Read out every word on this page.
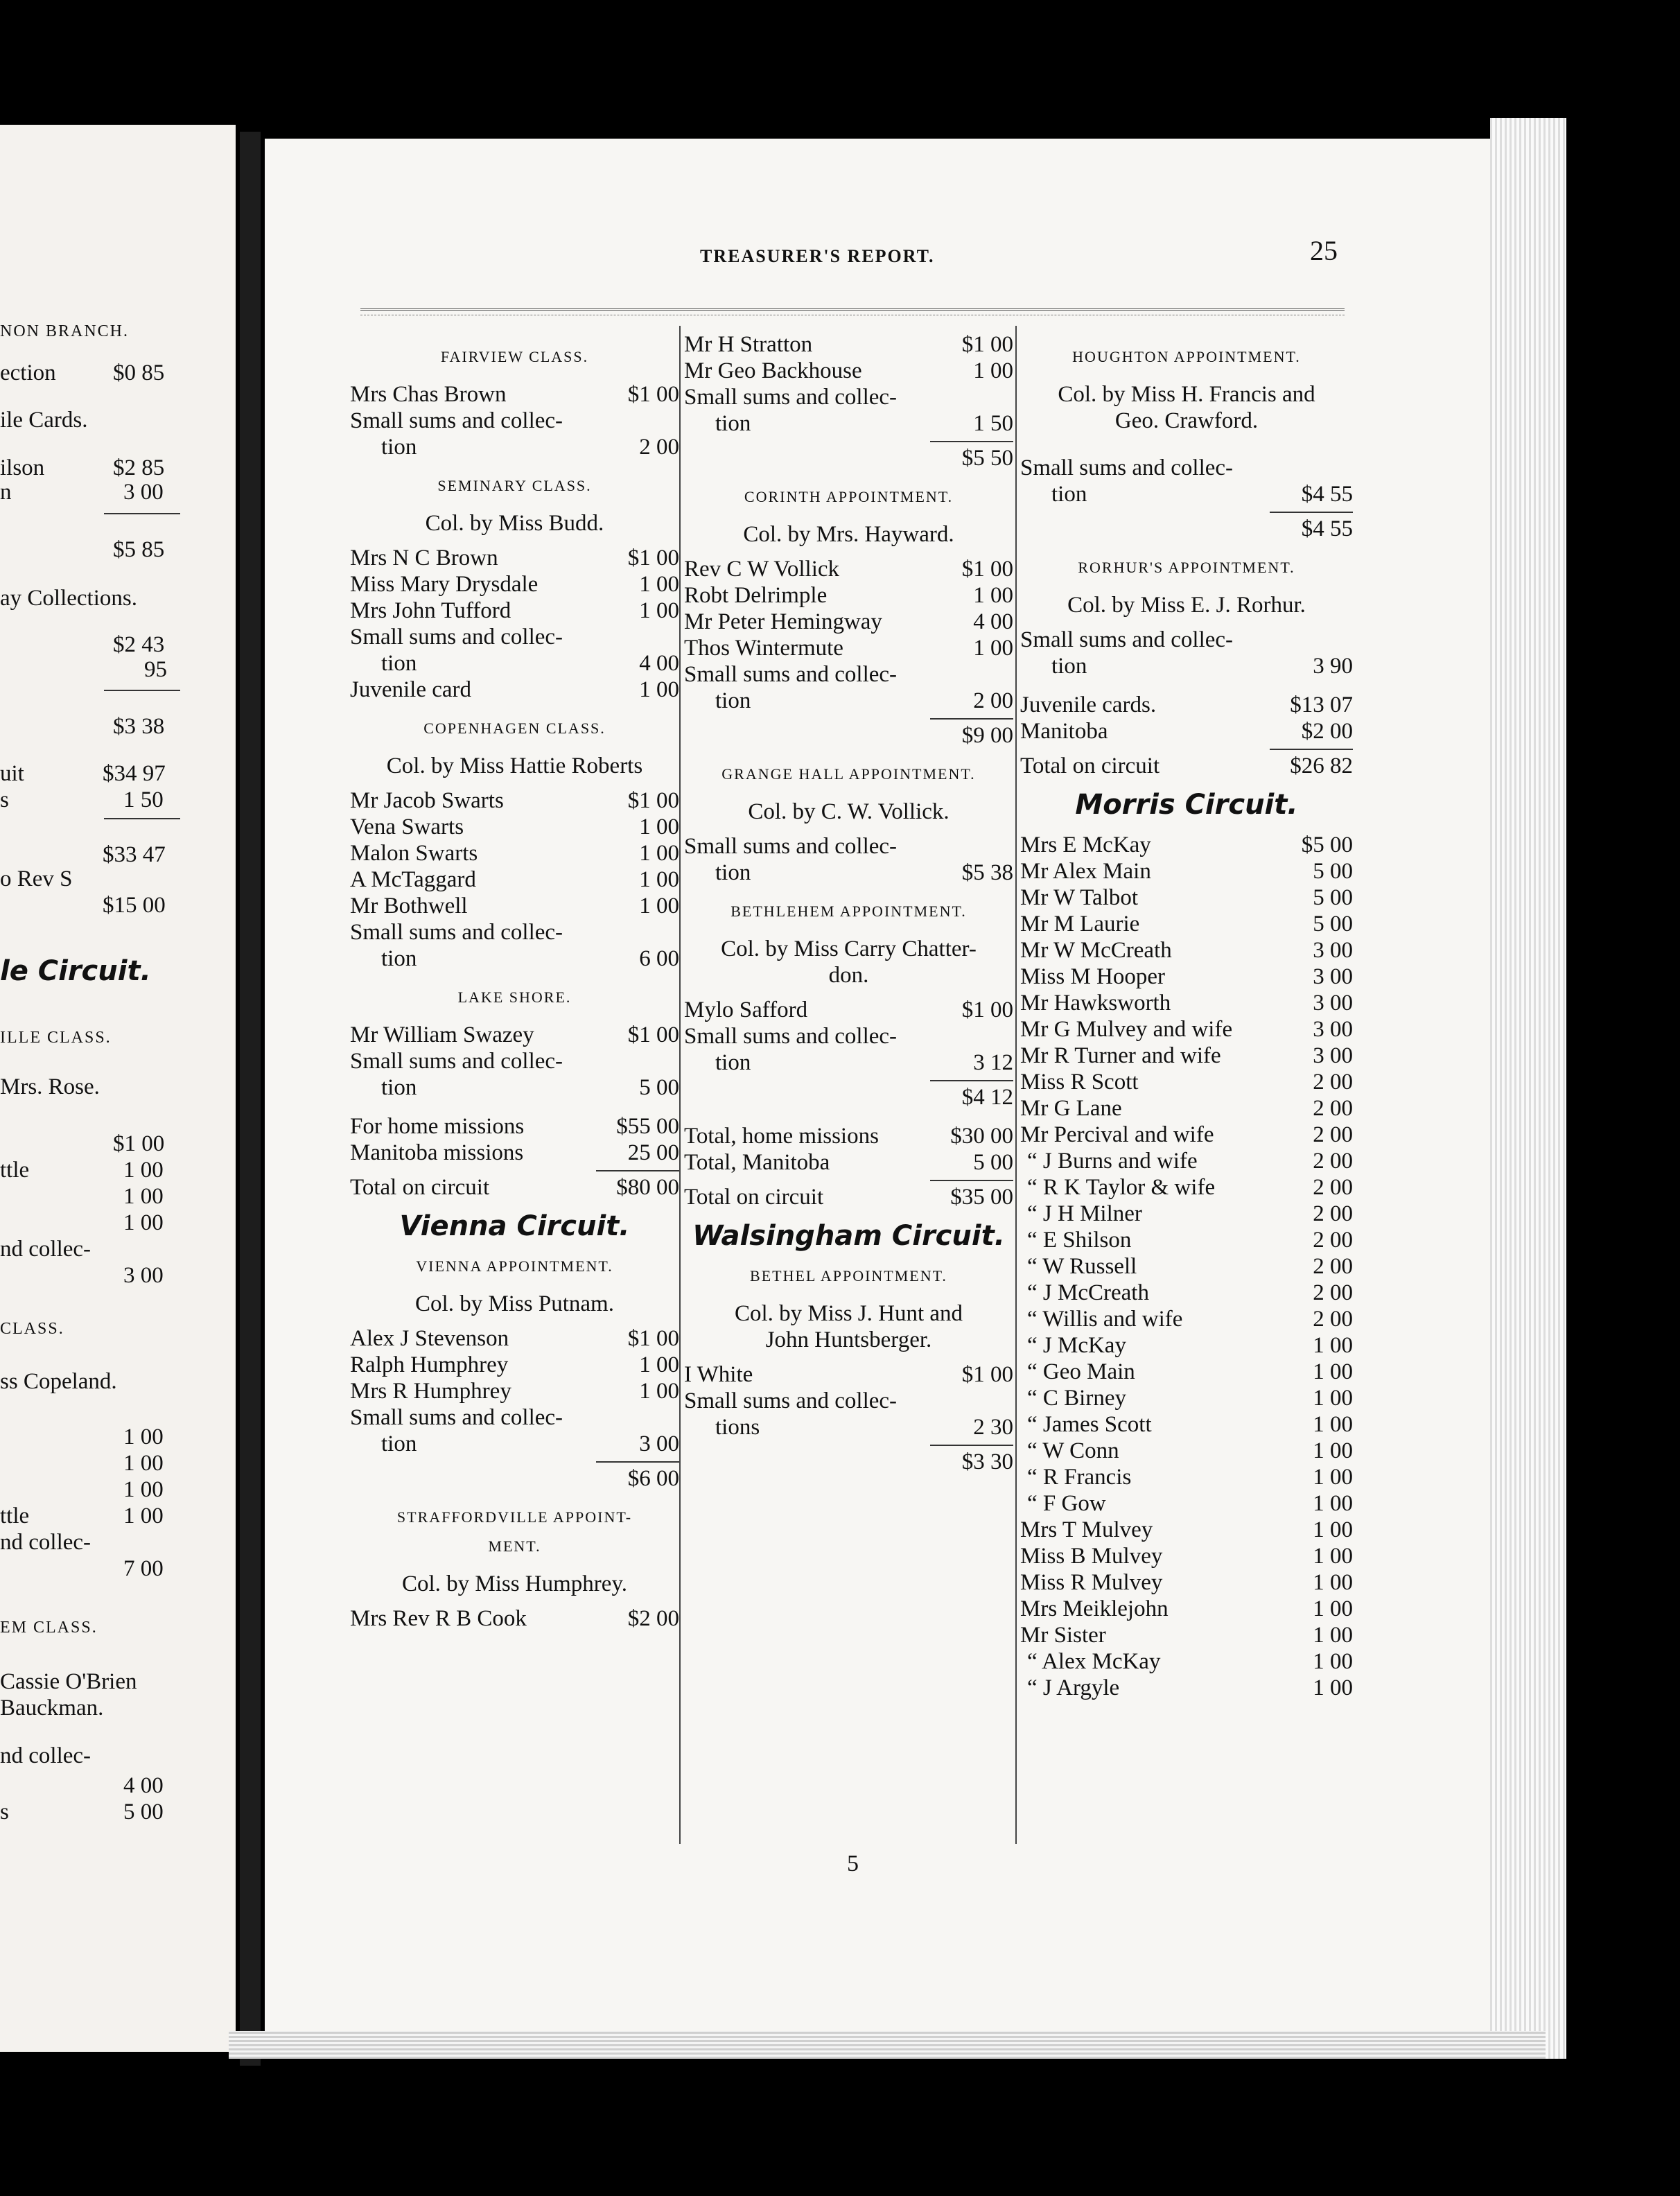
NON BRANCH.
ection $0 85
ile Cards.
ilson	$2 85
n	3 00
$5 85
ay Collections.
$2 43
95
$3 38
uit	$34 97
s	1 50
$33 47
o Rev S
$15 00
le Circuit.
ILLE CLASS.
Mrs. Rose.
$1 00
ttle	1 00
1 00
1 00
nd collec-
3 00
CLASS.
ss Copeland.
1 00
1 00
1 00
ttle	1 00
nd collec-
7 00
EM CLASS.
Cassie O'Brien
Bauckman.
nd collec-
4 00
s	5 00
TREASURER'S REPORT.	25
FAIRVIEW CLASS.
Mrs Chas Brown	$1 00
Small sums and collec-
tion	2 00
SEMINARY CLASS.
Col. by Miss Budd.
Mrs N C Brown	$1 00
Miss Mary Drysdale	1 00
Mrs John Tufford	1 00
Small sums and collec-
tion	4 00
Juvenile card	1 00
COPENHAGEN CLASS.
Col. by Miss Hattie Roberts
Mr Jacob Swarts	$1 00
Vena Swarts	1 00
Malon Swarts	1 00
A McTaggard	1 00
Mr Bothwell	1 00
Small sums and collec-
tion	6 00
LAKE SHORE.
Mr William Swazey	$1 00
Small sums and collec-
tion	5 00
For home missions	$55 00
Manitoba missions	25 00
Total on circuit	$80 00
Vienna Circuit.
VIENNA APPOINTMENT.
Col. by Miss Putnam.
Alex J Stevenson	$1 00
Ralph Humphrey	1 00
Mrs R Humphrey	1 00
Small sums and collec-
tion	3 00
$6 00
STRAFFORDVILLE APPOINT-
MENT.
Col. by Miss Humphrey.
Mrs Rev R B Cook	$2 00
Mr H Stratton	$1 00
Mr Geo Backhouse	1 00
Small sums and collec-
tion	1 50
$5 50
CORINTH APPOINTMENT.
Col. by Mrs. Hayward.
Rev C W Vollick	$1 00
Robt Delrimple	1 00
Mr Peter Hemingway	4 00
Thos Wintermute	1 00
Small sums and collec-
tion	2 00
$9 00
GRANGE HALL APPOINTMENT.
Col. by C. W. Vollick.
Small sums and collec-
tion	$5 38
BETHLEHEM APPOINTMENT.
Col. by Miss Carry Chatter-
don.
Mylo Safford	$1 00
Small sums and collec-
tion	3 12
$4 12
Total, home missions	$30 00
Total, Manitoba	5 00
Total on circuit	$35 00
Walsingham Circuit.
BETHEL APPOINTMENT.
Col. by Miss J. Hunt and
John Huntsberger.
I White	$1 00
Small sums and collec-
tions	2 30
$3 30
HOUGHTON APPOINTMENT.
Col. by Miss H. Francis and
Geo. Crawford.
Small sums and collec-
tion	$4 55
$4 55
RORHUR'S APPOINTMENT.
Col. by Miss E. J. Rorhur.
Small sums and collec-
tion	3 90
Juvenile cards.	$13 07
Manitoba	$2 00
Total on circuit	$26 82
Morris Circuit.
Mrs E McKay	$5 00
Mr Alex Main	5 00
Mr W Talbot	5 00
Mr M Laurie	5 00
Mr W McCreath	3 00
Miss M Hooper	3 00
Mr Hawksworth	3 00
Mr G Mulvey and wife	3 00
Mr R Turner and wife	3 00
Miss R Scott	2 00
Mr G Lane	2 00
Mr Percival and wife	2 00
“ J Burns and wife	2 00
“ R K Taylor & wife	2 00
“ J H Milner	2 00
“ E Shilson	2 00
“ W Russell	2 00
“ J McCreath	2 00
“ Willis and wife	2 00
“ J McKay	1 00
“ Geo Main	1 00
“ C Birney	1 00
“ James Scott	1 00
“ W Conn	1 00
“ R Francis	1 00
“ F Gow	1 00
Mrs T Mulvey	1 00
Miss B Mulvey	1 00
Miss R Mulvey	1 00
Mrs Meiklejohn	1 00
Mr Sister	1 00
“ Alex McKay	1 00
“ J Argyle	1 00
5
